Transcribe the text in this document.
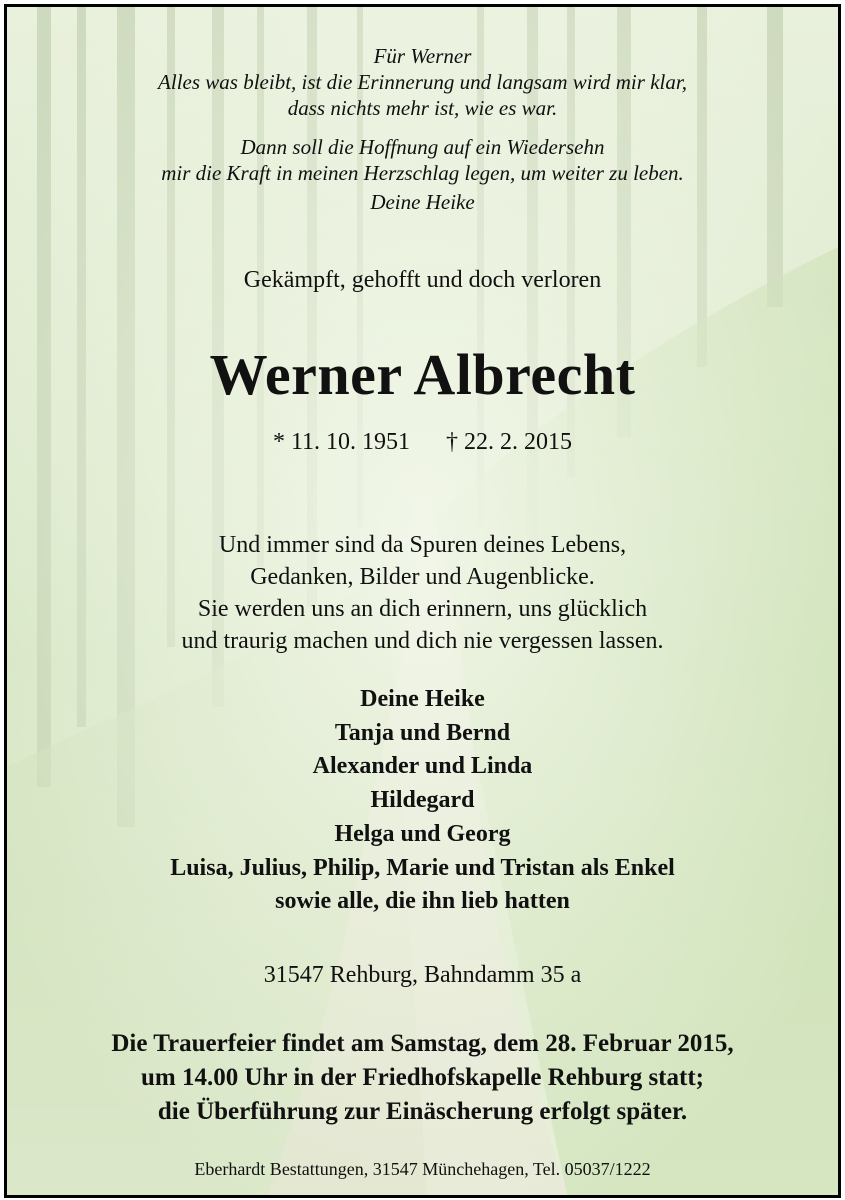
Für Werner
Alles was bleibt, ist die Erinnerung und langsam wird mir klar,
dass nichts mehr ist, wie es war.
Dann soll die Hoffnung auf ein Wiedersehn
mir die Kraft in meinen Herzschlag legen, um weiter zu leben.
Deine Heike
Gekämpft, gehofft und doch verloren
Werner Albrecht
* 11. 10. 1951 † 22. 2. 2015
Und immer sind da Spuren deines Lebens,
Gedanken, Bilder und Augenblicke.
Sie werden uns an dich erinnern, uns glücklich
und traurig machen und dich nie vergessen lassen.
Deine Heike
Tanja und Bernd
Alexander und Linda
Hildegard
Helga und Georg
Luisa, Julius, Philip, Marie und Tristan als Enkel
sowie alle, die ihn lieb hatten
31547 Rehburg, Bahndamm 35 a
Die Trauerfeier findet am Samstag, dem 28. Februar 2015,
um 14.00 Uhr in der Friedhofskapelle Rehburg statt;
die Überführung zur Einäscherung erfolgt später.
Eberhardt Bestattungen, 31547 Münchehagen, Tel. 05037/1222
